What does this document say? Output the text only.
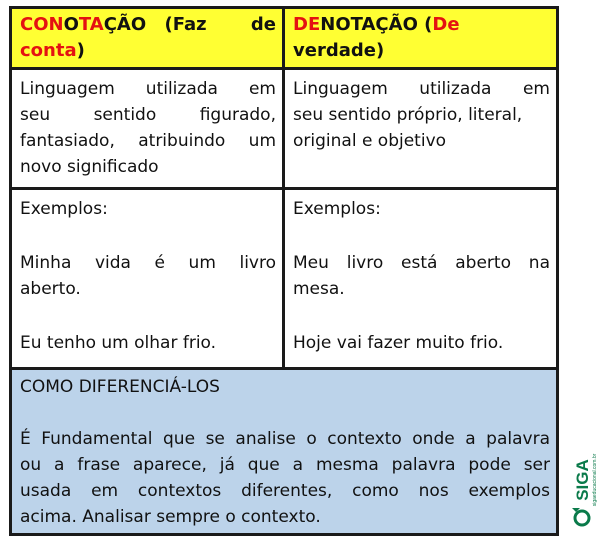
CONOTAÇÃO (Faz de
conta)
DENOTAÇÃO (De verdade)
Linguagem utilizada em
seu sentido figurado,
fantasiado, atribuindo um
novo significado
Linguagem utilizada em
seu sentido próprio, literal,
original e objetivo
Exemplos:
Minha vida é um livro
aberto.
Eu tenho um olhar frio.
Exemplos:
Meu livro está aberto na
mesa.
Hoje vai fazer muito frio.
COMO DIFERENCIÁ-LOS
É Fundamental que se analise o contexto onde a palavra
ou a frase aparece, já que a mesma palavra pode ser
usada em contextos diferentes, como nos exemplos
acima. Analisar sempre o contexto.
SIGA sigaeducacional.com.br
